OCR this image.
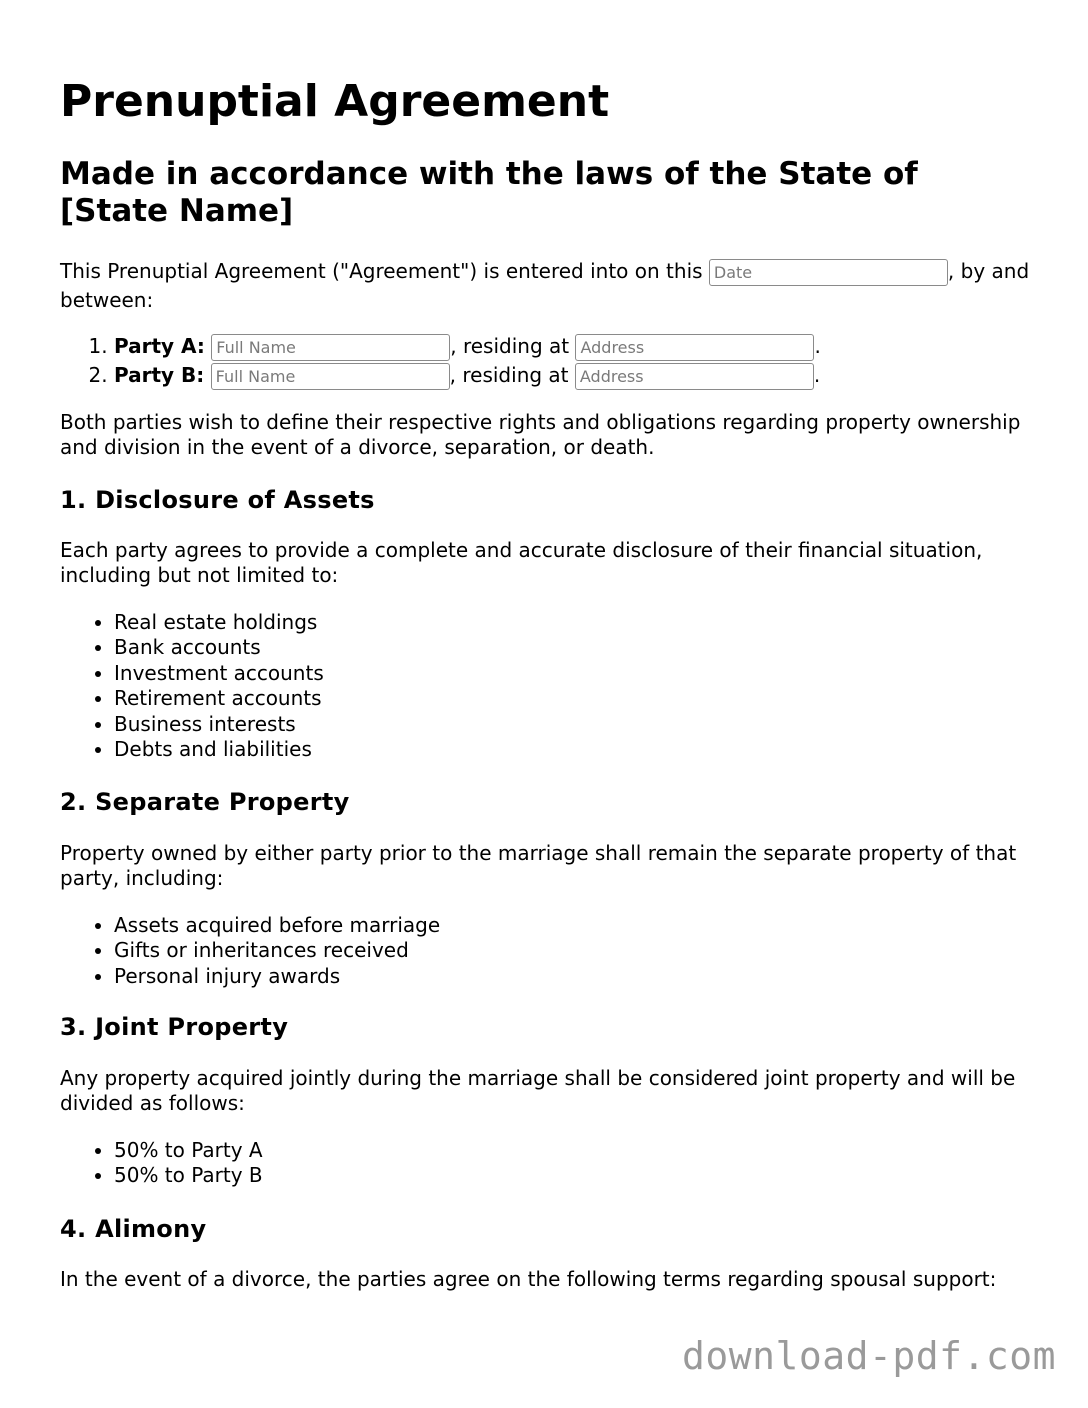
Prenuptial Agreement
Made in accordance with the laws of the State of [State Name]

This Prenuptial Agreement ("Agreement") is entered into on this Date	, by and between:

1. Party A: Full Name	, residing at Address	.
2. Party B: Full Name	, residing at Address	.

Both parties wish to define their respective rights and obligations regarding property ownership and division in the event of a divorce, separation, or death.

1. Disclosure of Assets

Each party agrees to provide a complete and accurate disclosure of their financial situation, including but not limited to:

• Real estate holdings
• Bank accounts
• Investment accounts
• Retirement accounts
• Business interests
• Debts and liabilities
2. Separate Property

Property owned by either party prior to the marriage shall remain the separate property of that party, including:

• Assets acquired before marriage
• Gifts or inheritances received
• Personal injury awards
3. Joint Property

Any property acquired jointly during the marriage shall be considered joint property and will be divided as follows:

• 50% to Party A
• 50% to Party B
4. Alimony

In the event of a divorce, the parties agree on the following terms regarding spousal support:

download-pdf.com
